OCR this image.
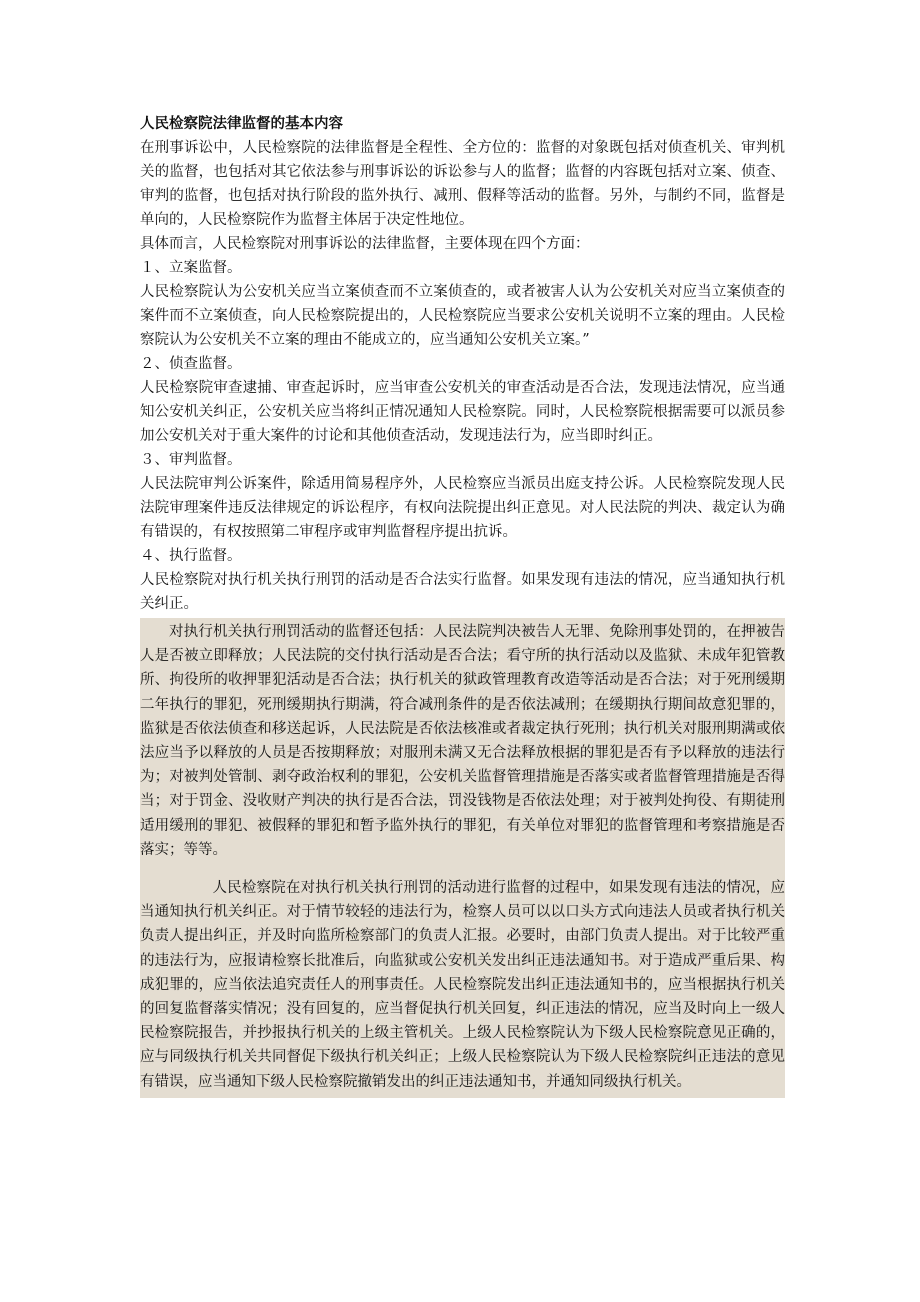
人民检察院法律监督的基本内容

在刑事诉讼中，人民检察院的法律监督是全程性、全方位的：监督的对象既包括对侦查机关、审判机关的监督，也包括对其它依法参与刑事诉讼的诉讼参与人的监督；监督的内容既包括对立案、侦查、审判的监督，也包括对执行阶段的监外执行、减刑、假释等活动的监督。另外，与制约不同，监督是单向的，人民检察院作为监督主体居于决定性地位。

具体而言，人民检察院对刑事诉讼的法律监督，主要体现在四个方面：

１、立案监督。

人民检察院认为公安机关应当立案侦查而不立案侦查的，或者被害人认为公安机关对应当立案侦查的案件而不立案侦查，向人民检察院提出的，人民检察院应当要求公安机关说明不立案的理由。人民检察院认为公安机关不立案的理由不能成立的，应当通知公安机关立案。”

２、侦查监督。

人民检察院审查逮捕、审查起诉时，应当审查公安机关的审查活动是否合法，发现违法情况，应当通知公安机关纠正，公安机关应当将纠正情况通知人民检察院。同时，人民检察院根据需要可以派员参加公安机关对于重大案件的讨论和其他侦查活动，发现违法行为，应当即时纠正。

３、审判监督。

人民法院审判公诉案件，除适用简易程序外，人民检察应当派员出庭支持公诉。人民检察院发现人民法院审理案件违反法律规定的诉讼程序，有权向法院提出纠正意见。对人民法院的判决、裁定认为确有错误的，有权按照第二审程序或审判监督程序提出抗诉。

４、执行监督。

人民检察院对执行机关执行刑罚的活动是否合法实行监督。如果发现有违法的情况，应当通知执行机关纠正。

对执行机关执行刑罚活动的监督还包括：人民法院判决被告人无罪、免除刑事处罚的，在押被告人是否被立即释放；人民法院的交付执行活动是否合法；看守所的执行活动以及监狱、未成年犯管教所、拘役所的收押罪犯活动是否合法；执行机关的狱政管理教育改造等活动是否合法；对于死刑缓期二年执行的罪犯，死刑缓期执行期满，符合减刑条件的是否依法减刑；在缓期执行期间故意犯罪的，监狱是否依法侦查和移送起诉，人民法院是否依法核准或者裁定执行死刑；执行机关对服刑期满或依法应当予以释放的人员是否按期释放；对服刑未满又无合法释放根据的罪犯是否有予以释放的违法行为；对被判处管制、剥夺政治权利的罪犯，公安机关监督管理措施是否落实或者监督管理措施是否得当；对于罚金、没收财产判决的执行是否合法，罚没钱物是否依法处理；对于被判处拘役、有期徒刑适用缓刑的罪犯、被假释的罪犯和暂予监外执行的罪犯，有关单位对罪犯的监督管理和考察措施是否落实；等等。

人民检察院在对执行机关执行刑罚的活动进行监督的过程中，如果发现有违法的情况，应当通知执行机关纠正。对于情节较轻的违法行为，检察人员可以以口头方式向违法人员或者执行机关负责人提出纠正，并及时向监所检察部门的负责人汇报。必要时，由部门负责人提出。对于比较严重的违法行为，应报请检察长批准后，向监狱或公安机关发出纠正违法通知书。对于造成严重后果、构成犯罪的，应当依法追究责任人的刑事责任。人民检察院发出纠正违法通知书的，应当根据执行机关的回复监督落实情况；没有回复的，应当督促执行机关回复，纠正违法的情况，应当及时向上一级人民检察院报告，并抄报执行机关的上级主管机关。上级人民检察院认为下级人民检察院意见正确的，应与同级执行机关共同督促下级执行机关纠正；上级人民检察院认为下级人民检察院纠正违法的意见有错误，应当通知下级人民检察院撤销发出的纠正违法通知书，并通知同级执行机关。
